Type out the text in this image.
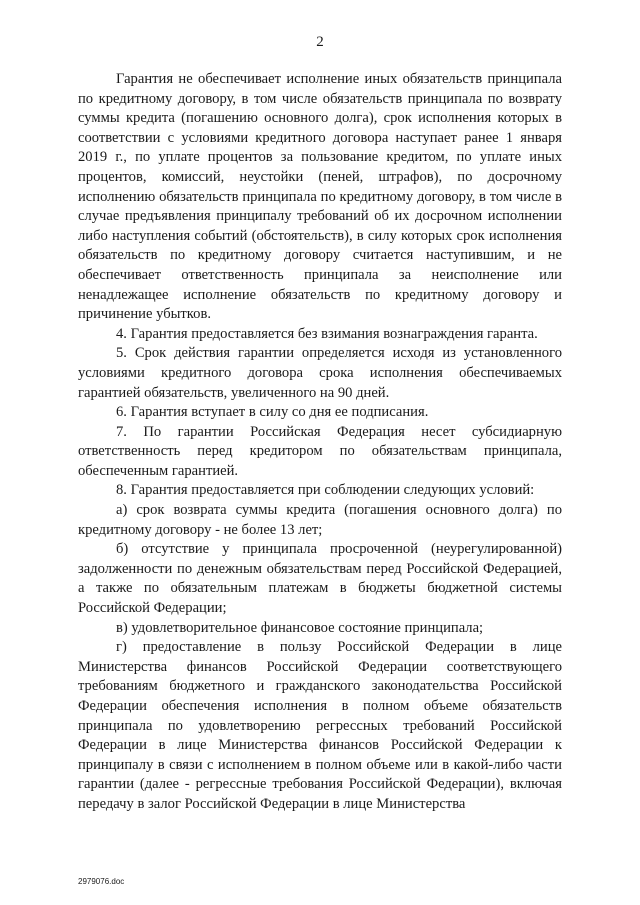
2

Гарантия не обеспечивает исполнение иных обязательств принципала по кредитному договору, в том числе обязательств принципала по возврату суммы кредита (погашению основного долга), срок исполнения которых в соответствии с условиями кредитного договора наступает ранее 1 января 2019 г., по уплате процентов за пользование кредитом, по уплате иных процентов, комиссий, неустойки (пеней, штрафов), по досрочному исполнению обязательств принципала по кредитному договору, в том числе в случае предъявления принципалу требований об их досрочном исполнении либо наступления событий (обстоятельств), в силу которых срок исполнения обязательств по кредитному договору считается наступившим, и не обеспечивает ответственность принципала за неисполнение или ненадлежащее исполнение обязательств по кредитному договору и причинение убытков.

4. Гарантия предоставляется без взимания вознаграждения гаранта.

5. Срок действия гарантии определяется исходя из установленного условиями кредитного договора срока исполнения обеспечиваемых гарантией обязательств, увеличенного на 90 дней.

6. Гарантия вступает в силу со дня ее подписания.

7. По гарантии Российская Федерация несет субсидиарную ответственность перед кредитором по обязательствам принципала, обеспеченным гарантией.

8. Гарантия предоставляется при соблюдении следующих условий:

а) срок возврата суммы кредита (погашения основного долга) по кредитному договору - не более 13 лет;

б) отсутствие у принципала просроченной (неурегулированной) задолженности по денежным обязательствам перед Российской Федерацией, а также по обязательным платежам в бюджеты бюджетной системы Российской Федерации;

в) удовлетворительное финансовое состояние принципала;

г) предоставление в пользу Российской Федерации в лице Министерства финансов Российской Федерации соответствующего требованиям бюджетного и гражданского законодательства Российской Федерации обеспечения исполнения в полном объеме обязательств принципала по удовлетворению регрессных требований Российской Федерации в лице Министерства финансов Российской Федерации к принципалу в связи с исполнением в полном объеме или в какой-либо части гарантии (далее - регрессные требования Российской Федерации), включая передачу в залог Российской Федерации в лице Министерства

2979076.doc
